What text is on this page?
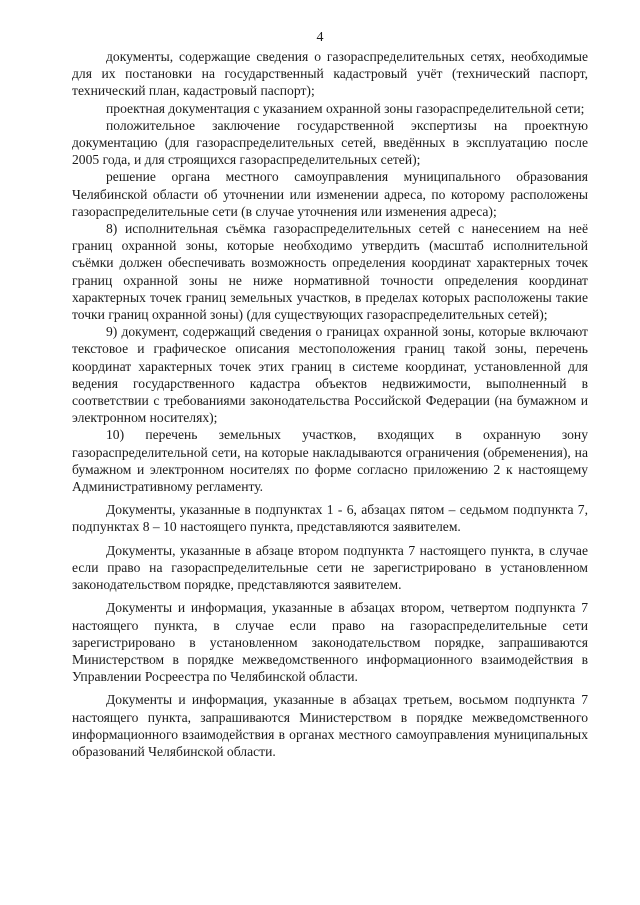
4

документы, содержащие сведения о газораспределительных сетях, необходимые для их постановки на государственный кадастровый учёт (технический паспорт, технический план, кадастровый паспорт);

проектная документация с указанием охранной зоны газораспределительной сети;

положительное заключение государственной экспертизы на проектную документацию (для газораспределительных сетей, введённых в эксплуатацию после 2005 года, и для строящихся газораспределительных сетей);

решение органа местного самоуправления муниципального образования Челябинской области об уточнении или изменении адреса, по которому расположены газораспределительные сети (в случае уточнения или изменения адреса);

8) исполнительная съёмка газораспределительных сетей с нанесением на неё границ охранной зоны, которые необходимо утвердить (масштаб исполнительной съёмки должен обеспечивать возможность определения координат характерных точек границ охранной зоны не ниже нормативной точности определения координат характерных точек границ земельных участков, в пределах которых расположены такие точки границ охранной зоны) (для существующих газораспределительных сетей);

9) документ, содержащий сведения о границах охранной зоны, которые включают текстовое и графическое описания местоположения границ такой зоны, перечень координат характерных точек этих границ в системе координат, установленной для ведения государственного кадастра объектов недвижимости, выполненный в соответствии с требованиями законодательства Российской Федерации (на бумажном и электронном носителях);

10) перечень земельных участков, входящих в охранную зону газораспределительной сети, на которые накладываются ограничения (обременения), на бумажном и электронном носителях по форме согласно приложению 2 к настоящему Административному регламенту.

Документы, указанные в подпунктах 1 - 6, абзацах пятом – седьмом подпункта 7, подпунктах 8 – 10 настоящего пункта, представляются заявителем.

Документы, указанные в абзаце втором подпункта 7 настоящего пункта, в случае если право на газораспределительные сети не зарегистрировано в установленном законодательством порядке, представляются заявителем.

Документы и информация, указанные в абзацах втором, четвертом подпункта 7 настоящего пункта, в случае если право на газораспределительные сети зарегистрировано в установленном законодательством порядке, запрашиваются Министерством в порядке межведомственного информационного взаимодействия в Управлении Росреестра по Челябинской области.

Документы и информация, указанные в абзацах третьем, восьмом подпункта 7 настоящего пункта, запрашиваются Министерством в порядке межведомственного информационного взаимодействия в органах местного самоуправления муниципальных образований Челябинской области.
